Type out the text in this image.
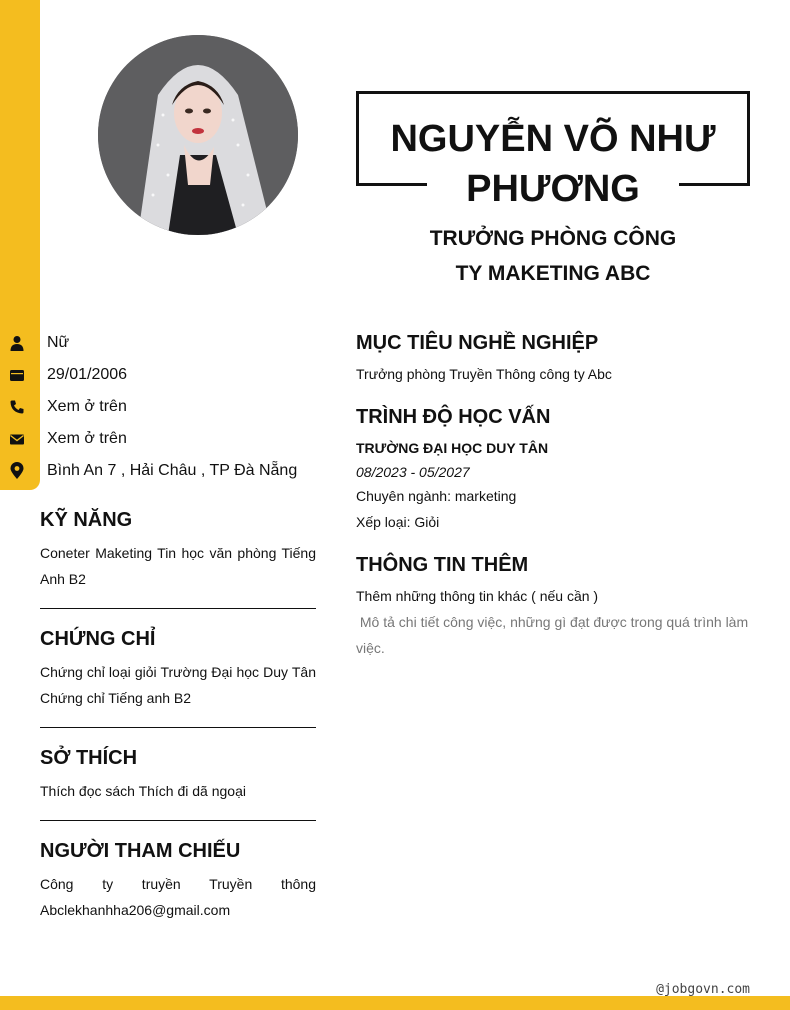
NGUYỄN VÕ NHƯ PHƯƠNG
TRƯỞNG PHÒNG CÔNG TY MAKETING ABC
Nữ
29/01/2006
Xem ở trên
Xem ở trên
Bình An 7 , Hải Châu , TP Đà Nẵng
KỸ NĂNG
Coneter Maketing Tin học văn phòng Tiếng Anh B2
CHỨNG CHỈ
Chứng chỉ loại giỏi Trường Đại học Duy Tân Chứng chỉ Tiếng anh B2
SỞ THÍCH
Thích đọc sách Thích đi dã ngoại
NGƯỜI THAM CHIẾU
Công ty truyền Truyền thông Abclekhanhha206@gmail.com
MỤC TIÊU NGHỀ NGHIỆP
Trưởng phòng Truyền Thông công ty Abc
TRÌNH ĐỘ HỌC VẤN
TRƯỜNG ĐẠI HỌC DUY TÂN
08/2023 - 05/2027
Chuyên ngành: marketing
Xếp loại: Giỏi
THÔNG TIN THÊM
Thêm những thông tin khác ( nếu cần )
Mô tả chi tiết công việc, những gì đạt được trong quá trình làm việc.
@jobgovn.com
